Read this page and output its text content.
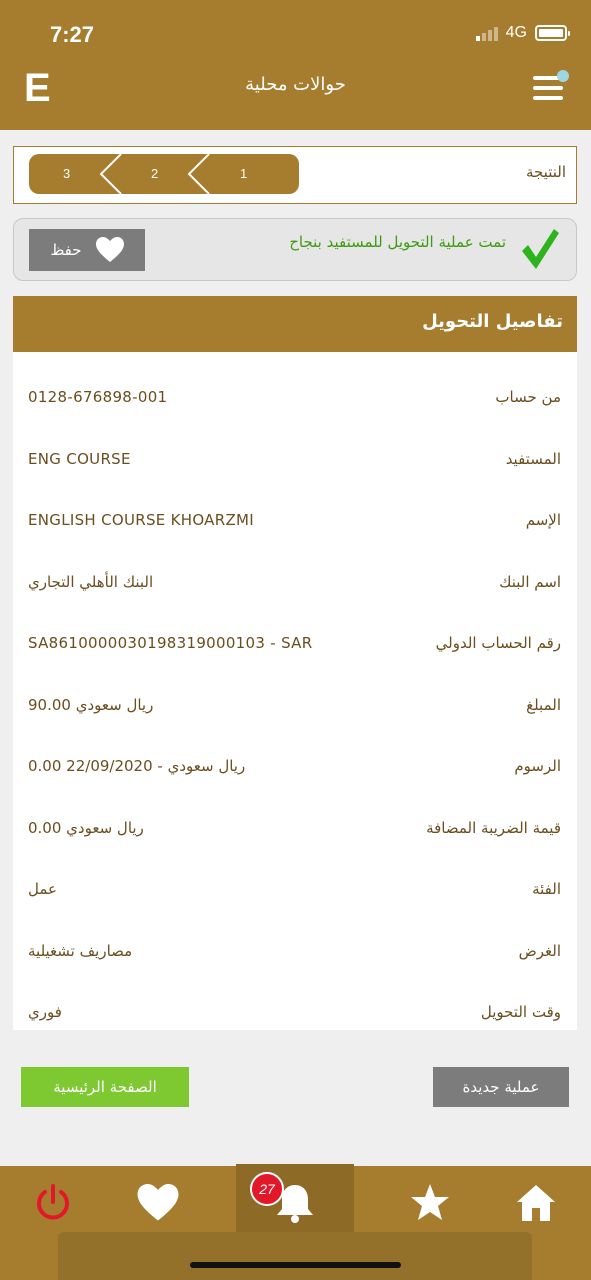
7:27	4G
E	حوالات محلية
النتيجة
1
2
3
تمت عملية التحويل للمستفيد بنجاح
حفظ
تفاصيل التحويل
من حساب
0128-676898-001
المستفيد
ENG COURSE
الإسم
ENGLISH COURSE KHOARZMI
اسم البنك
البنك الأهلي التجاري
رقم الحساب الدولي
SA8610000030198319000103 - SAR
المبلغ
90.00 ريال سعودي
الرسوم
0.00 ريال سعودي - 22/09/2020
قيمة الضريبة المضافة
0.00 ريال سعودي
الفئة
عمل
الغرض
مصاريف تشغيلية
وقت التحويل
فوري
الصفحة الرئيسية	عملية جديدة
27
